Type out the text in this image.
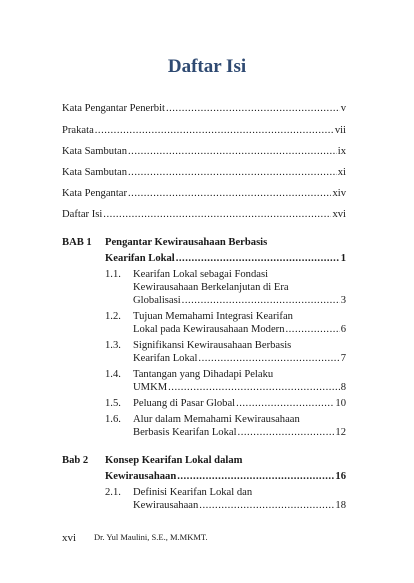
Daftar Isi
Kata Pengantar Penerbit .....	v
Prakata .....	vii
Kata Sambutan .....	ix
Kata Sambutan .....	xi
Kata Pengantar .....	xiv
Daftar Isi .....	xvi
BAB 1 Pengantar Kewirausahaan Berbasis
Kearifan Lokal .....	1
1.1. Kearifan Lokal sebagai Fondasi
Kewirausahaan Berkelanjutan di Era
Globalisasi .....	3
1.2. Tujuan Memahami Integrasi Kearifan
Lokal pada Kewirausahaan Modern .....	6
1.3. Signifikansi Kewirausahaan Berbasis
Kearifan Lokal .....	7
1.4. Tantangan yang Dihadapi Pelaku
UMKM .....	8
1.5. Peluang di Pasar Global .....	10
1.6. Alur dalam Memahami Kewirausahaan
Berbasis Kearifan Lokal .....	12
Bab 2 Konsep Kearifan Lokal dalam
Kewirausahaan .....	16
2.1. Definisi Kearifan Lokal dan
Kewirausahaan .....	18
xvi Dr. Yul Maulini, S.E., M.MKMT.
